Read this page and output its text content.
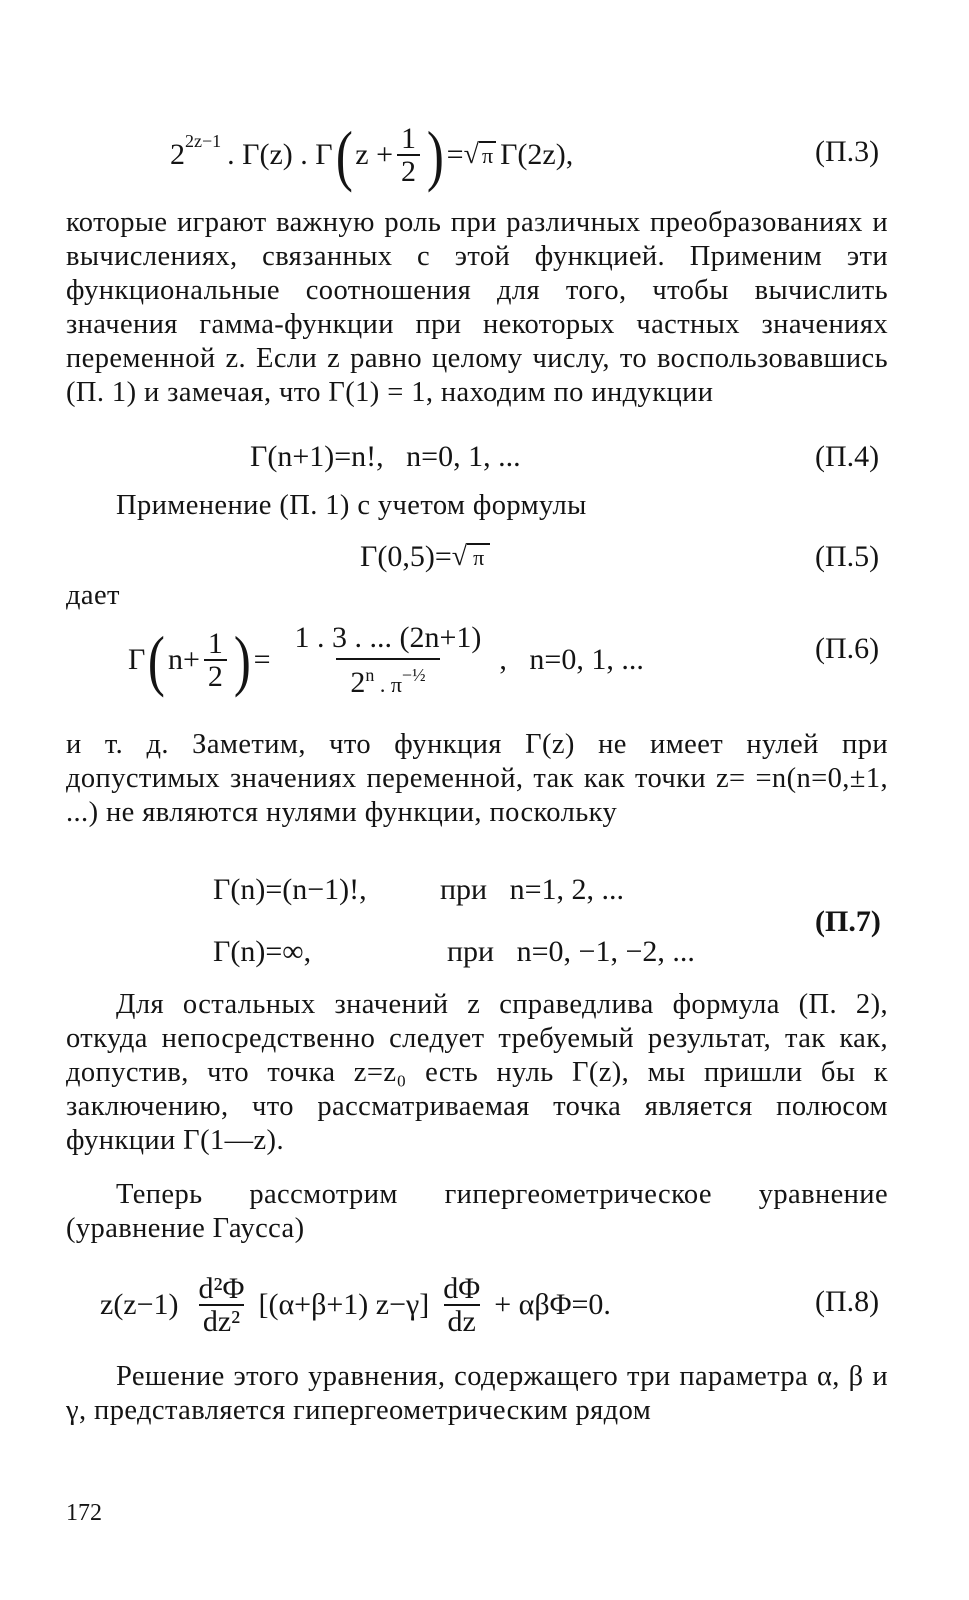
$2^{2z-1}$ . Γ(z) . Γ ( $z + \frac{1}{2}$ ) = √ π Γ(2z),	(П.3)
которые играют важную роль при различных преобразованиях и вычислениях, связанных с этой функцией. Применим эти функциональные соотношения для того, чтобы вычислить значения гамма-функции при некоторых частных значениях переменной z. Если z равно целому числу, то воспользовавшись (П. 1) и замечая, что Γ(1) = 1, находим по индукции
Γ(n+1)=n!,   n=0, 1, ...	(П.4)
Применение (П. 1) с учетом формулы
Γ(0,5)= √ π	(П.5)
дает
Γ ( $n+ \frac{1}{2}$ ) = $\frac{1 . 3 . ... (2n+1)}{2^n . \pi^{-\frac{1}{2}}}$ ,   n=0, 1, ...	(П.6)
и т. д. Заметим, что функция Γ(z) не имеет нулей при допустимых значениях переменной, так как точки z= =n(n=0,±1, ...) не являются нулями функции, поскольку
Γ(n)=(n−1)!, при   n=1, 2, ...
Γ(n)=∞,	при   n=0, −1, −2, ...
(П.7)
Для остальных значений z справедлива формула (П. 2), откуда непосредственно следует требуемый результат, так как, допустив, что точка z=z₀ есть нуль Γ(z), мы пришли бы к заключению, что рассматриваемая точка является полюсом функции Γ(1—z).
Теперь рассмотрим гипергеометрическое уравнение (уравнение Гаусса)
$z(z-1) \frac{\text{d²Φ}}{\text{dz²}} [(\alpha+\beta+1)$ $z-\gamma] \frac{d\Phi}{dz} + \alpha\beta\Phi=0$.	(П.8)
Решение этого уравнения, содержащего три параметра α, β и γ, представляется гипергеометрическим рядом
172
